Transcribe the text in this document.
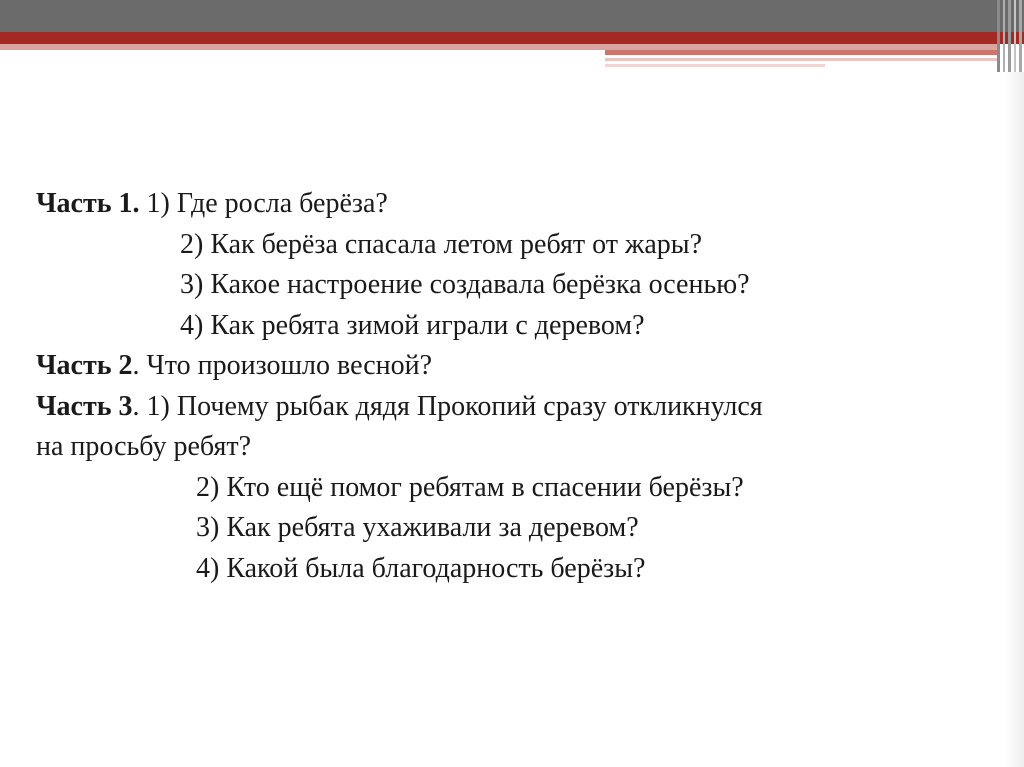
Часть 1. 1) Где росла берёза?
2) Как берёза спасала летом ребят от жары?
3) Какое настроение создавала берёзка осенью?
4) Как ребята зимой играли с деревом?
Часть 2. Что произошло весной?
Часть 3. 1) Почему рыбак дядя Прокопий сразу откликнулся
на просьбу ребят?
2) Кто ещё помог ребятам в спасении берёзы?
3) Как ребята ухаживали за деревом?
4) Какой была благодарность берёзы?
